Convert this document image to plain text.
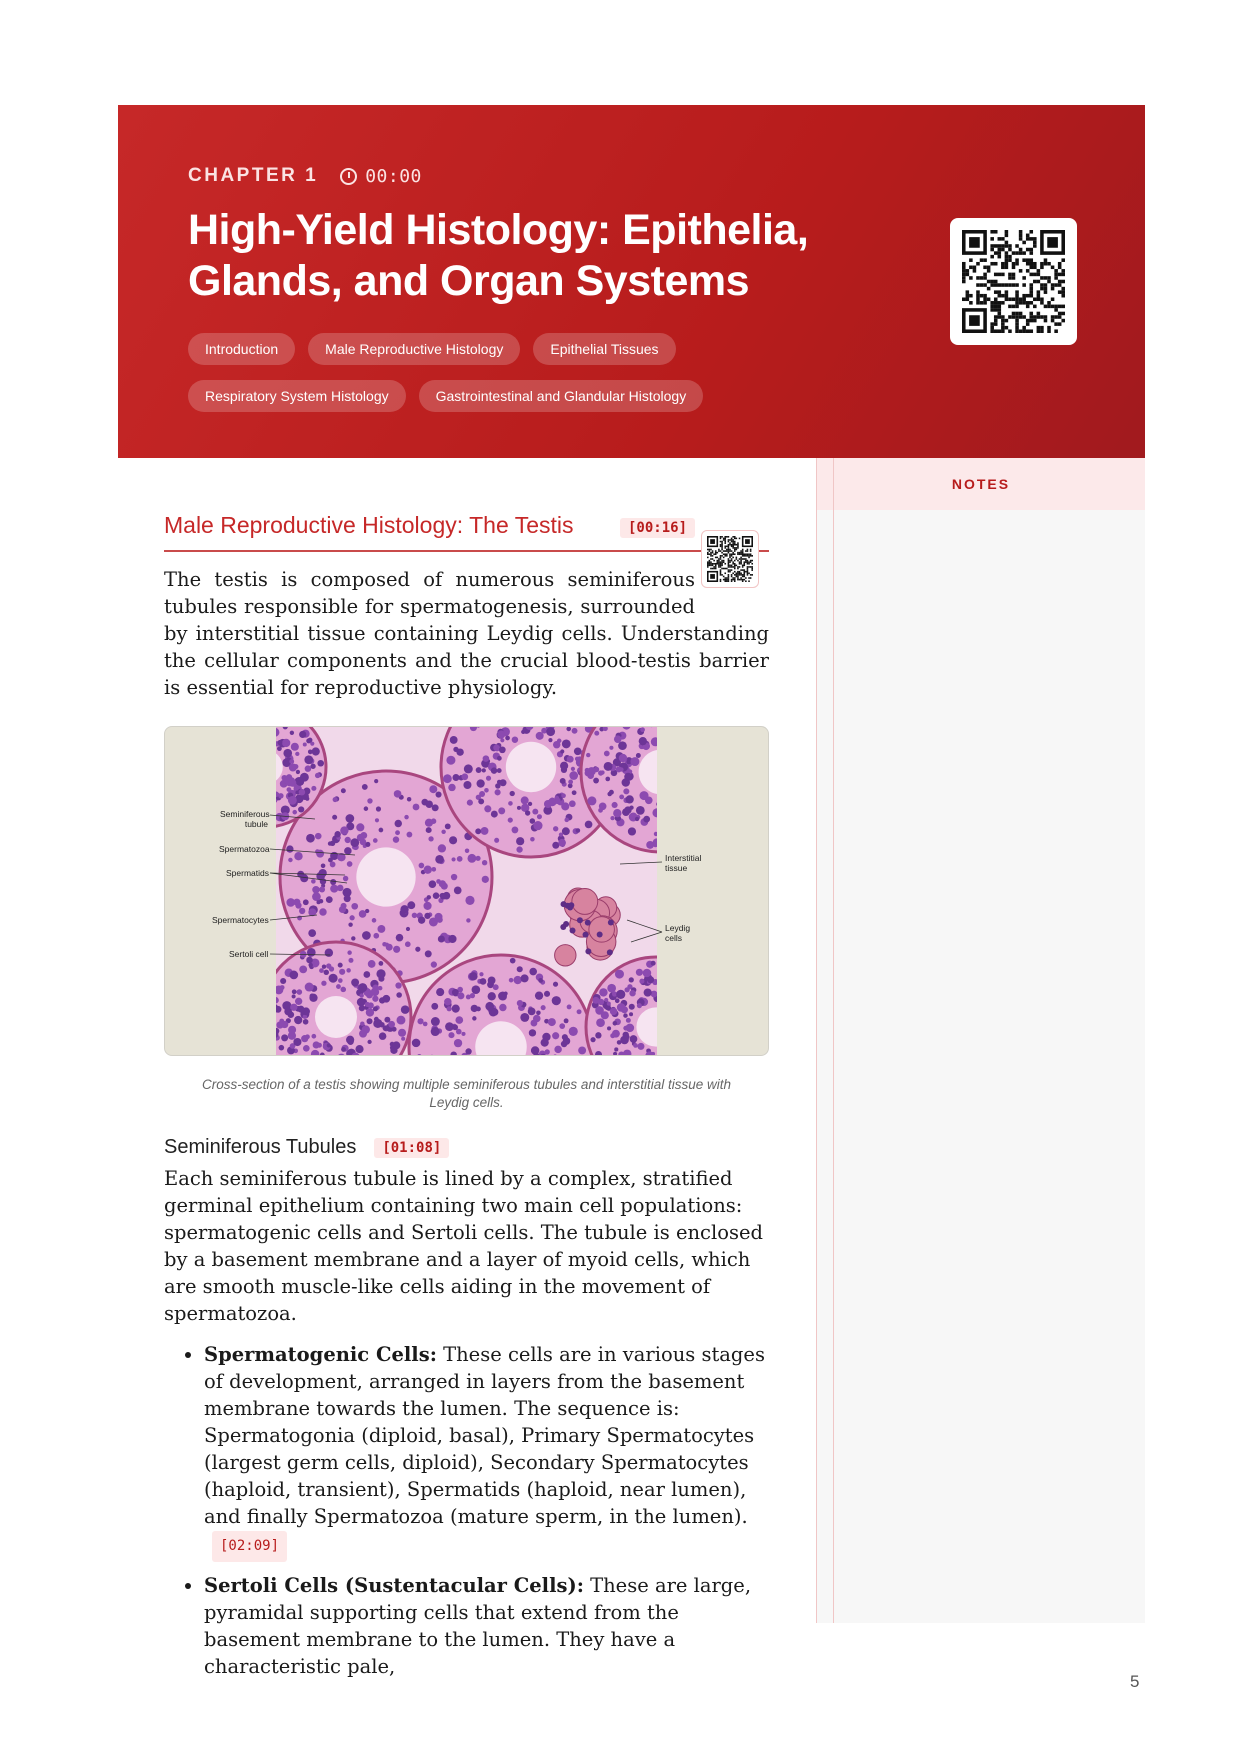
CHAPTER 1	00:00
High-Yield Histology: Epithelia, Glands, and Organ Systems
Introduction	Male Reproductive Histology	Epithelial Tissues
Respiratory System Histology	Gastrointestinal and Glandular Histology
NOTES
Male Reproductive Histology: The Testis	[00:16]

The testis is composed of numerous seminiferous tubules responsible for spermatogenesis, surrounded by interstitial tissue containing Leydig cells. Understanding the cellular components and the crucial blood-testis barrier is essential for reproductive physiology.

Seminiferous
tubule
Spermatozoa
Spermatids
Spermatocytes
Sertoli cell
Interstitial
tissue
Leydig
cells

Cross-section of a testis showing multiple seminiferous tubules and interstitial tissue with Leydig cells.

Seminiferous Tubules	[01:08]

Each seminiferous tubule is lined by a complex, stratified germinal epithelium containing two main cell populations: spermatogenic cells and Sertoli cells. The tubule is enclosed by a basement membrane and a layer of myoid cells, which are smooth muscle-like cells aiding in the movement of spermatozoa.

• Spermatogenic Cells: These cells are in various stages of development, arranged in layers from the basement membrane towards the lumen. The sequence is: Spermatogonia (diploid, basal), Primary Spermatocytes (largest germ cells, diploid), Secondary Spermatocytes (haploid, transient), Spermatids (haploid, near lumen), and finally Spermatozoa (mature sperm, in the lumen). [02:09]
• Sertoli Cells (Sustentacular Cells): These are large, pyramidal supporting cells that extend from the basement membrane to the lumen. They have a characteristic pale,
5
